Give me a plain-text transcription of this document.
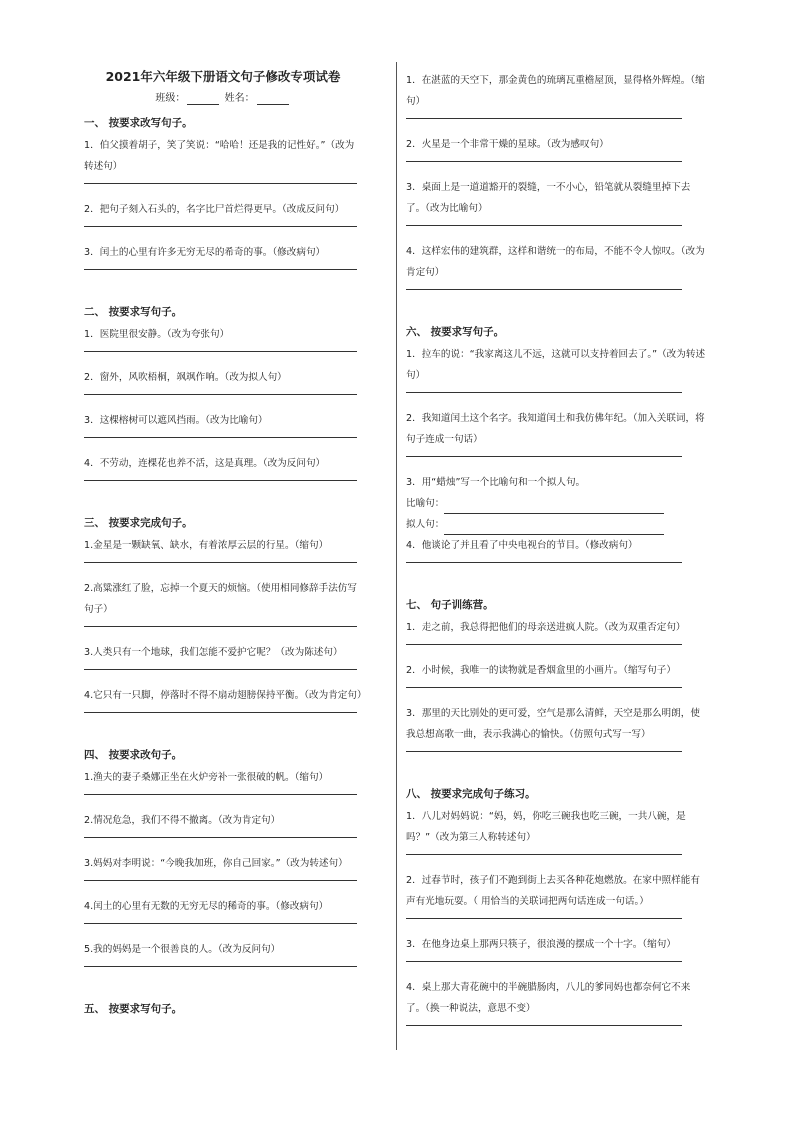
2021年六年级下册语文句子修改专项试卷
班级：	姓名：
一、 按要求改写句子。

1．伯父摸着胡子，笑了笑说：“哈哈！还是我的记性好。”（改为转述句）

2．把句子刻入石头的，名字比尸首烂得更早。（改成反问句）

3．闰土的心里有许多无穷无尽的希奇的事。（修改病句）

二、 按要求写句子。

1．医院里很安静。（改为夸张句）

2．窗外，风吹梧桐，飒飒作响。（改为拟人句）

3．这棵榕树可以遮风挡雨。（改为比喻句）

4．不劳动，连棵花也养不活，这是真理。（改为反问句）

三、 按要求完成句子。

1.金星是一颗缺氧、缺水，有着浓厚云层的行星。（缩句）

2.高粱涨红了脸，忘掉一个夏天的烦恼。（使用相同修辞手法仿写句子）

3.人类只有一个地球，我们怎能不爱护它呢？（改为陈述句）

4.它只有一只脚，停落时不得不扇动翅膀保持平衡。（改为肯定句）

四、 按要求改句子。

1.渔夫的妻子桑娜正坐在火炉旁补一张很破的帆。（缩句）

2.情况危急，我们不得不撤离。（改为肯定句）

3.妈妈对李明说：“今晚我加班，你自己回家。”（改为转述句）

4.闰土的心里有无数的无穷无尽的稀奇的事。（修改病句）

5.我的妈妈是一个很善良的人。（改为反问句）

五、 按要求写句子。

1．在湛蓝的天空下，那金黄色的琉璃瓦重檐屋顶，显得格外辉煌。（缩句）

2．火星是一个非常干燥的星球。（改为感叹句）

3．桌面上是一道道豁开的裂缝，一不小心，铅笔就从裂缝里掉下去了。（改为比喻句）

4．这样宏伟的建筑群，这样和谐统一的布局，不能不令人惊叹。（改为肯定句）

六、 按要求写句子。

1．拉车的说：“我家离这儿不远，这就可以支持着回去了。”（改为转述句）

2．我知道闰土这个名字。我知道闰土和我仿佛年纪。（加入关联词，将句子连成一句话）

3．用“蜡烛”写一个比喻句和一个拟人句。

比喻句：
拟人句：

4．他谈论了并且看了中央电视台的节目。（修改病句）

七、 句子训练营。

1．走之前，我总得把他们的母亲送进疯人院。（改为双重否定句）

2．小时候，我唯一的读物就是香烟盒里的小画片。（缩写句子）

3．那里的天比别处的更可爱，空气是那么清鲜，天空是那么明朗，使我总想高歌一曲，表示我满心的愉快。（仿照句式写一写）

八、 按要求完成句子练习。

1．八儿对妈妈说：“妈，妈，你吃三碗我也吃三碗，一共八碗，是吗？”（改为第三人称转述句）

2．过春节时，孩子们不跑到街上去买各种花炮燃放。在家中照样能有声有光地玩耍。（ 用恰当的关联词把两句话连成一句话。）

3．在他身边桌上那两只筷子，很浪漫的摆成一个十字。（缩句）

4．桌上那大青花碗中的半碗腊肠肉，八儿的爹同妈也都奈何它不来了。（换一种说法，意思不变）
